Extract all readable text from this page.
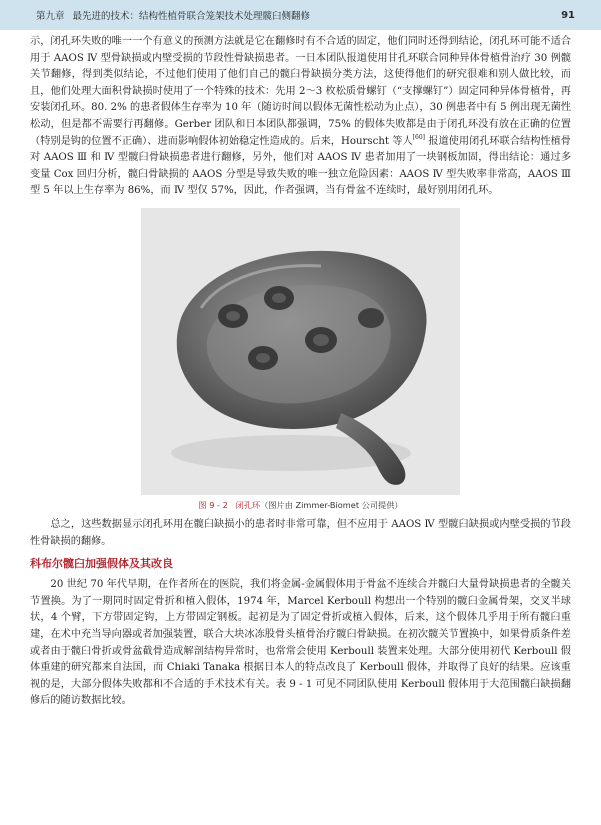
第九章 最先进的技术：结构性植骨联合笼架技术处理髋臼侧翻修	91

示，闭孔环失败的唯一一个有意义的预测方法就是它在翻修时有不合适的固定，他们同时还得到结论，闭孔环可能不适合用于 AAOS Ⅳ 型骨缺损或内壁受损的节段性骨缺损患者。一日本团队报道使用甘孔环联合同种异体骨植骨治疗 30 例髋关节翻修，得到类似结论，不过他们使用了他们自己的髋臼骨缺损分类方法，这使得他们的研究很难和别人做比较，而且，他们处理大面积骨缺损时使用了一个特殊的技术：先用 2～3 枚松质骨螺钉（“支撑螺钉”）固定同种异体骨植骨，再安装闭孔环。80. 2% 的患者假体生存率为 10 年（随访时间以假体无菌性松动为止点），30 例患者中有 5 例出现无菌性松动，但是都不需要行再翻修。Gerber 团队和日本团队都强调，75% 的假体失败都是由于闭孔环没有放在正确的位置（特别是钩的位置不正确）、进而影响假体初始稳定性造成的。后来，Hourscht 等人[60] 报道使用闭孔环联合结构性植骨对 AAOS Ⅲ 和 Ⅳ 型髋臼骨缺损患者进行翻修，另外，他们对 AAOS Ⅳ 患者加用了一块钢板加固，得出结论：通过多变量 Cox 回归分析，髋臼骨缺损的 AAOS 分型是导致失败的唯一独立危险因素：AAOS Ⅳ 型失败率非常高，AAOS Ⅲ 型 5 年以上生存率为 86%，而 Ⅳ 型仅 57%，因此，作者强调，当有骨盆不连续时，最好别用闭孔环。

图 9 - 2 闭孔环（图片由 Zimmer-Biomet 公司提供）

总之，这些数据显示闭孔环用在髋臼缺损小的患者时非常可靠，但不应用于 AAOS Ⅳ 型髋臼缺损或内壁受损的节段性骨缺损的翻修。

科布尔髋臼加强假体及其改良

20 世纪 70 年代早期，在作者所在的医院，我们将金属-金属假体用于骨盆不连续合并髋臼大量骨缺损患者的全髋关节置换。为了一期同时固定骨折和植入假体，1974 年，Marcel Kerboull 构想出一个特别的髋臼金属骨架，交叉半球状，4 个臂，下方带固定钩，上方带固定钢板。起初是为了固定骨折或植入假体，后来，这个假体几乎用于所有髋臼重建，在术中充当导向器或者加强装置，联合大块冰冻股骨头植骨治疗髋臼骨缺损。在初次髋关节置换中，如果骨质条件差或者由于髋臼骨折或骨盆截骨造成解剖结构异常时，也常常会使用 Kerboull 装置来处理。大部分使用初代 Kerboull 假体重建的研究都来自法国，而 Chiaki Tanaka 根据日本人的特点改良了 Kerboull 假体，并取得了良好的结果。应该重视的是，大部分假体失败都和不合适的手术技术有关。表 9 - 1 可见不同团队使用 Kerboull 假体用于大范围髋臼缺损翻修后的随访数据比较。
